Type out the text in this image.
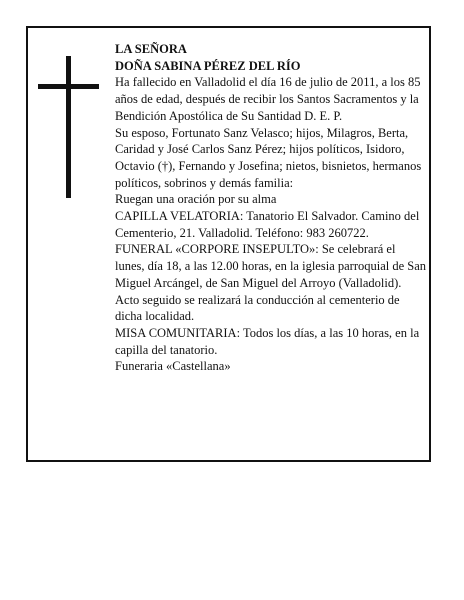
LA SEÑORA

DOÑA SABINA PÉREZ DEL RÍO

Ha fallecido en Valladolid el día 16 de julio de 2011, a los 85 años de edad, después de recibir los Santos Sacramentos y la Bendición Apostólica de Su Santidad D. E. P.

Su esposo, Fortunato Sanz Velasco; hijos, Milagros, Berta, Caridad y José Carlos Sanz Pérez; hijos políticos, Isidoro, Octavio (†), Fernando y Josefina; nietos, bisnietos, hermanos políticos, sobrinos y demás familia:

Ruegan una oración por su alma

CAPILLA VELATORIA: Tanatorio El Salvador. Camino del Cementerio, 21. Valladolid. Teléfono: 983 260722.

FUNERAL «CORPORE INSEPULTO»: Se celebrará el lunes, día 18, a las 12.00 horas, en la iglesia parroquial de San Miguel Arcángel, de San Miguel del Arroyo (Valladolid). Acto seguido se realizará la conducción al cementerio de dicha localidad.

MISA COMUNITARIA: Todos los días, a las 10 horas, en la capilla del tanatorio.

Funeraria «Castellana»
